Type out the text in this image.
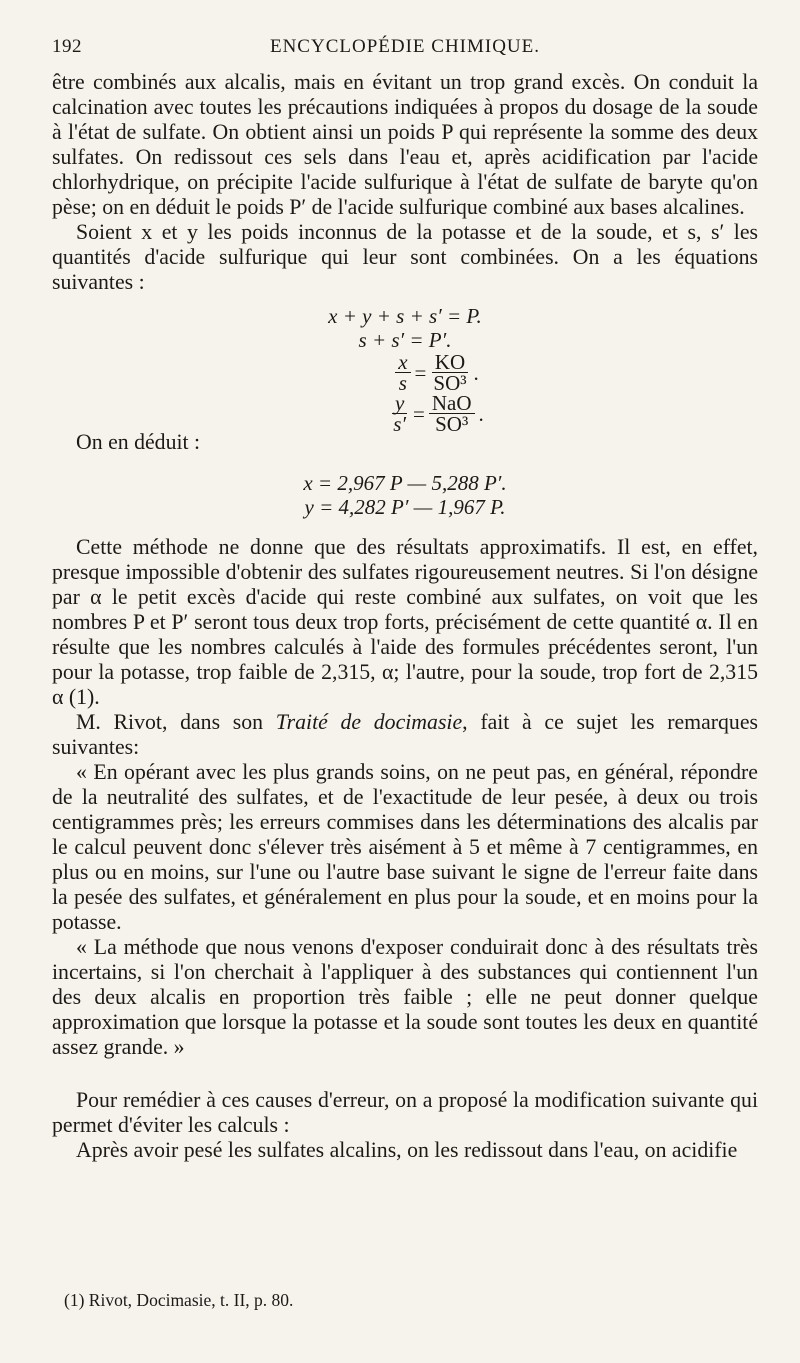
192	ENCYCLOPÉDIE CHIMIQUE.

être combinés aux alcalis, mais en évitant un trop grand excès. On conduit la calcination avec toutes les précautions indiquées à propos du dosage de la soude à l'état de sulfate. On obtient ainsi un poids P qui représente la somme des deux sulfates. On redissout ces sels dans l'eau et, après acidification par l'acide chlorhydrique, on précipite l'acide sulfurique à l'état de sulfate de baryte qu'on pèse; on en déduit le poids P′ de l'acide sulfurique combiné aux bases alcalines.

Soient x et y les poids inconnus de la potasse et de la soude, et s, s′ les quantités d'acide sulfurique qui leur sont combinées. On a les équations suivantes :

x + y + s + s′ = P.
s + s′ = P′.
$\frac{x}{s} = \frac{KO}{\text{SO³}}$ .
$\frac{y}{s'} = \frac{\text{NaO}}{\text{SO³}}$ .

On en déduit :

x = 2,967 P — 5,288 P′.
y = 4,282 P′ — 1,967 P.

Cette méthode ne donne que des résultats approximatifs. Il est, en effet, presque impossible d'obtenir des sulfates rigoureusement neutres. Si l'on désigne par α le petit excès d'acide qui reste combiné aux sulfates, on voit que les nombres P et P′ seront tous deux trop forts, précisément de cette quantité α. Il en résulte que les nombres calculés à l'aide des formules précédentes seront, l'un pour la potasse, trop faible de 2,315, α; l'autre, pour la soude, trop fort de 2,315 α (1).

M. Rivot, dans son Traité de docimasie, fait à ce sujet les remarques suivantes:

« En opérant avec les plus grands soins, on ne peut pas, en général, répondre de la neutralité des sulfates, et de l'exactitude de leur pesée, à deux ou trois centigrammes près; les erreurs commises dans les déterminations des alcalis par le calcul peuvent donc s'élever très aisément à 5 et même à 7 centigrammes, en plus ou en moins, sur l'une ou l'autre base suivant le signe de l'erreur faite dans la pesée des sulfates, et généralement en plus pour la soude, et en moins pour la potasse.

« La méthode que nous venons d'exposer conduirait donc à des résultats très incertains, si l'on cherchait à l'appliquer à des substances qui contiennent l'un des deux alcalis en proportion très faible ; elle ne peut donner quelque approximation que lorsque la potasse et la soude sont toutes les deux en quantité assez grande. »

Pour remédier à ces causes d'erreur, on a proposé la modification suivante qui permet d'éviter les calculs :

Après avoir pesé les sulfates alcalins, on les redissout dans l'eau, on acidifie

(1) Rivot, Docimasie, t. II, p. 80.
